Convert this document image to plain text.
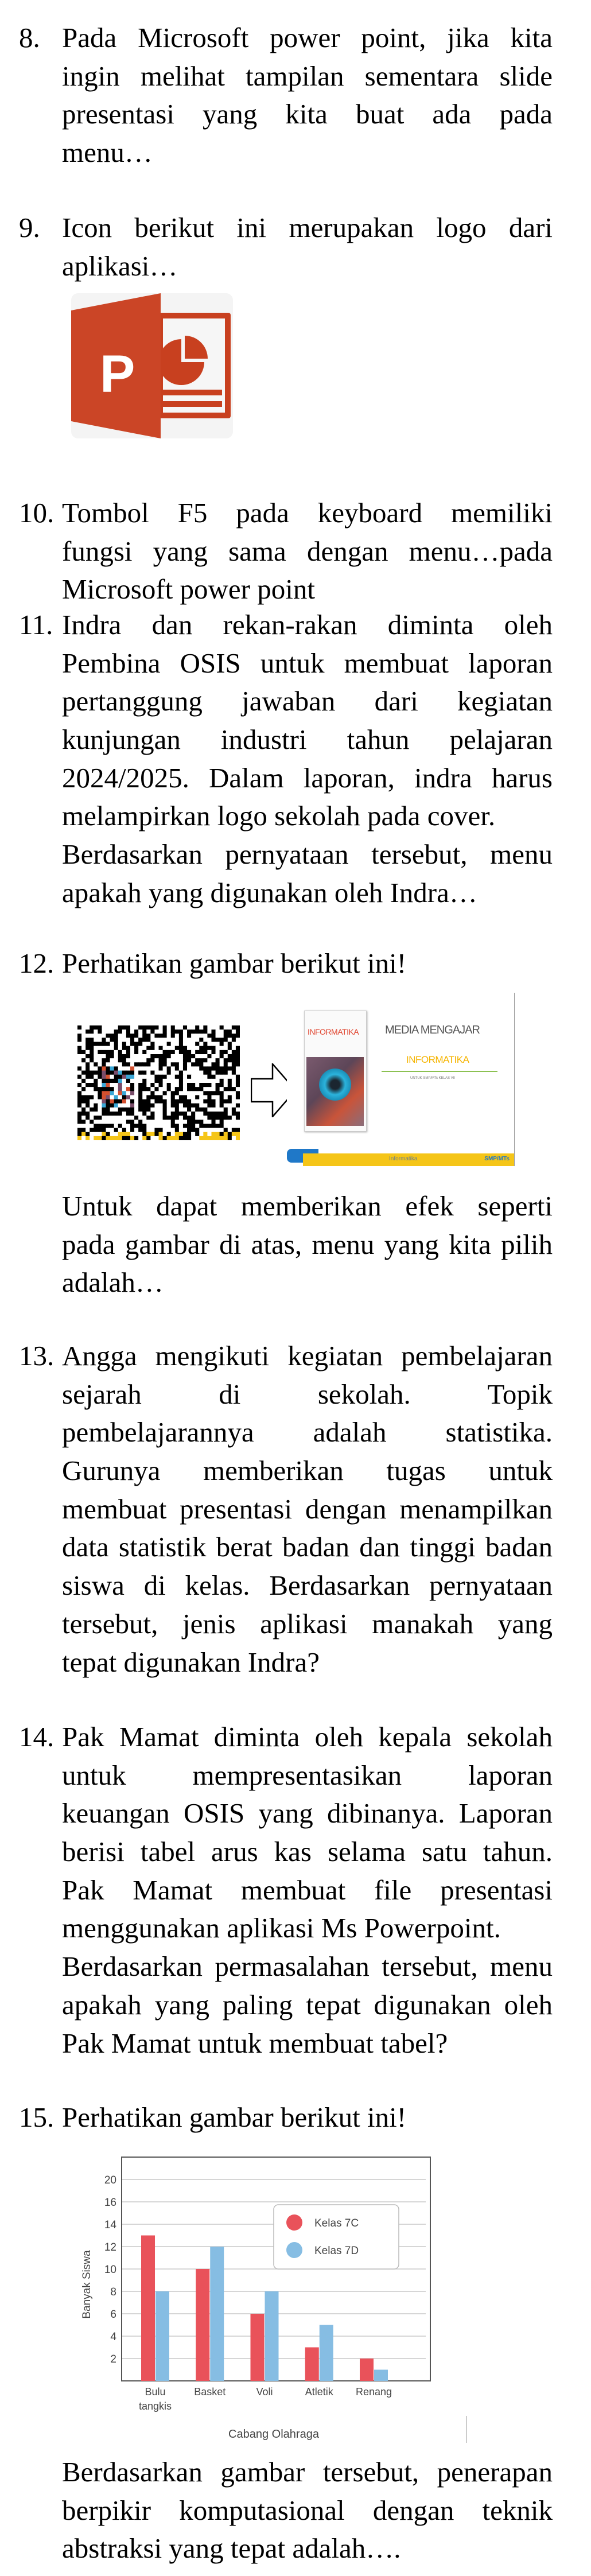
8. Pada Microsoft power point, jika kita
ingin melihat tampilan sementara slide
presentasi yang kita buat ada pada
menu…
9. Icon berikut ini merupakan logo dari
aplikasi…
10. Tombol F5 pada keyboard memiliki
fungsi yang sama dengan menu…pada
Microsoft power point
11. Indra dan rekan-rakan diminta oleh
Pembina OSIS untuk membuat laporan
pertanggung jawaban dari kegiatan
kunjungan industri tahun pelajaran
2024/2025. Dalam laporan, indra harus
melampirkan logo sekolah pada cover.
Berdasarkan pernyataan tersebut, menu
apakah yang digunakan oleh Indra…
12. Perhatikan gambar berikut ini!
Untuk dapat memberikan efek seperti
pada gambar di atas, menu yang kita pilih
adalah…
13. Angga mengikuti kegiatan pembelajaran
sejarah di sekolah. Topik
pembelajarannya adalah statistika.
Gurunya memberikan tugas untuk
membuat presentasi dengan menampilkan
data statistik berat badan dan tinggi badan
siswa di kelas. Berdasarkan pernyataan
tersebut, jenis aplikasi manakah yang
tepat digunakan Indra?
14. Pak Mamat diminta oleh kepala sekolah
untuk mempresentasikan laporan
keuangan OSIS yang dibinanya. Laporan
berisi tabel arus kas selama satu tahun.
Pak Mamat membuat file presentasi
menggunakan aplikasi Ms Powerpoint.
Berdasarkan permasalahan tersebut, menu
apakah yang paling tepat digunakan oleh
Pak Mamat untuk membuat tabel?
15. Perhatikan gambar berikut ini!
Berdasarkan gambar tersebut, penerapan
berpikir komputasional dengan teknik
abstraksi yang tepat adalah….
P
INFORMATIKA MEDIA MENGAJAR
INFORMATIKA
UNTUK SMP/MTs KELAS VII
Informatika	SMP/MTs
2
4
6
8
10
12
14
16
20
Bulu
tangkis
Basket	Voli	Atletik Renang
Kelas 7C
Kelas 7D
Banyak Siswa
Cabang Olahraga
